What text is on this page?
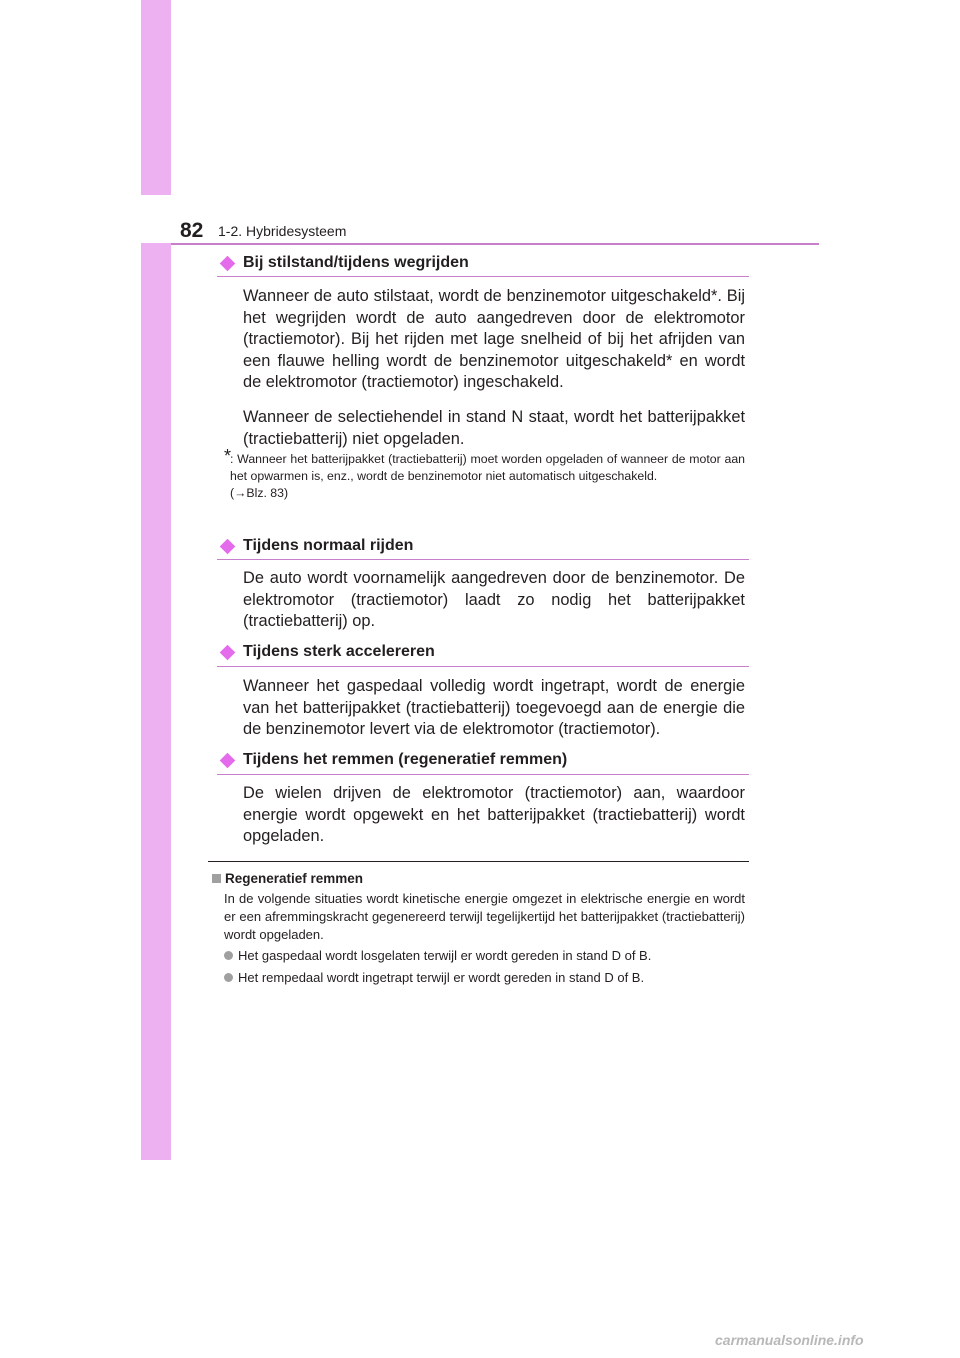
82 1-2. Hybridesysteem
Bij stilstand/tijdens wegrijden

Wanneer de auto stilstaat, wordt de benzinemotor uitgeschakeld*. Bij het wegrijden wordt de auto aangedreven door de elektromotor (tractiemotor). Bij het rijden met lage snelheid of bij het afrijden van een flauwe helling wordt de benzinemotor uitgeschakeld* en wordt de elektromotor (tractiemotor) ingeschakeld.

Wanneer de selectiehendel in stand N staat, wordt het batterijpakket (tractiebatterij) niet opgeladen.

*
: Wanneer het batterijpakket (tractiebatterij) moet worden opgeladen of wanneer de motor aan het opwarmen is, enz., wordt de benzinemotor niet automatisch uitgeschakeld.
(→Blz. 83)
Tijdens normaal rijden

De auto wordt voornamelijk aangedreven door de benzinemotor. De elektromotor (tractiemotor) laadt zo nodig het batterijpakket (tractiebatterij) op.

Tijdens sterk accelereren

Wanneer het gaspedaal volledig wordt ingetrapt, wordt de energie van het batterijpakket (tractiebatterij) toegevoegd aan de energie die de benzinemotor levert via de elektromotor (tractiemotor).

Tijdens het remmen (regeneratief remmen)

De wielen drijven de elektromotor (tractiemotor) aan, waardoor energie wordt opgewekt en het batterijpakket (tractiebatterij) wordt opgeladen.

Regeneratief remmen

In de volgende situaties wordt kinetische energie omgezet in elektrische energie en wordt er een afremmingskracht gegenereerd terwijl tegelijkertijd het batterijpakket (tractiebatterij) wordt opgeladen.

Het gaspedaal wordt losgelaten terwijl er wordt gereden in stand D of B.
Het rempedaal wordt ingetrapt terwijl er wordt gereden in stand D of B.
carmanualsonline.info
